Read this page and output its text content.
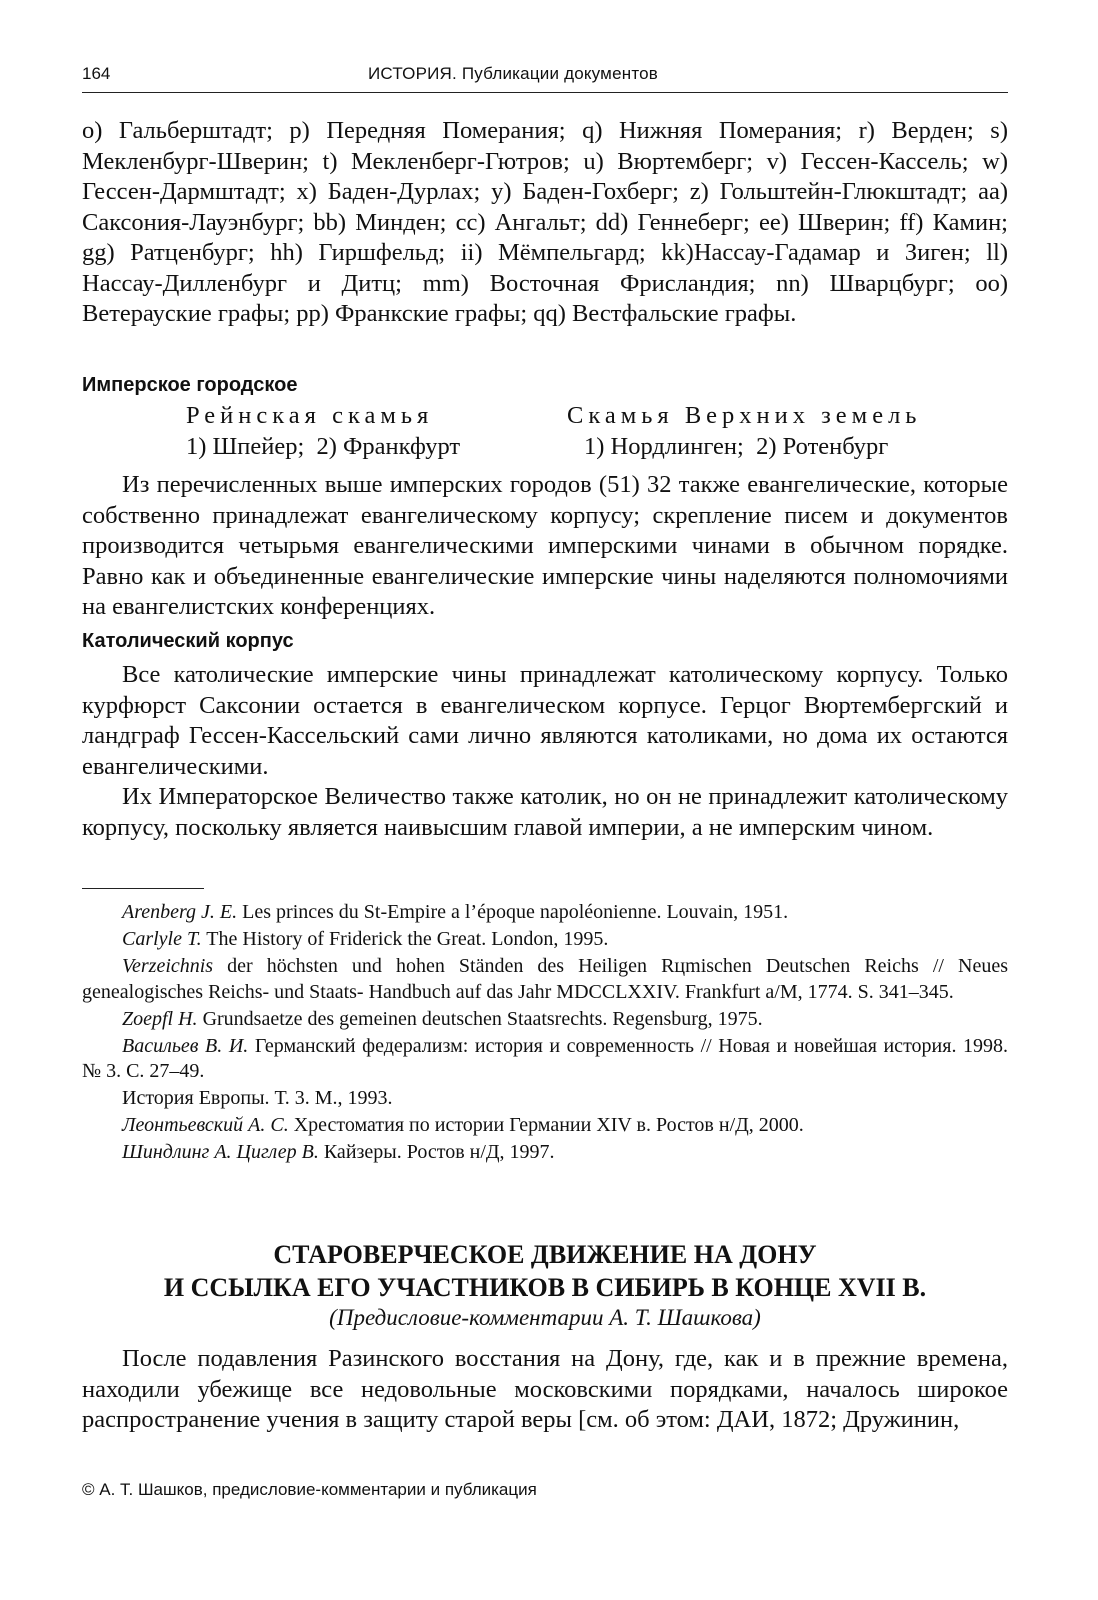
164	ИСТОРИЯ. Публикации документов

o) Гальберштадт; p) Передняя Померания; q) Нижняя Померания; r) Верден; s) Мекленбург-Шверин; t) Мекленберг-Гютров; u) Вюртемберг; v) Гессен-Кассель; w) Гессен-Дармштадт; x) Баден-Дурлах; y) Баден-Гохберг; z) Гольштейн-Глюкштадт; aa) Саксония-Лауэнбург; bb) Минден; cc) Ангальт; dd) Геннеберг; ee) Шверин; ff) Камин; gg) Ратценбург; hh) Гиршфельд; ii) Мёмпельгард; kk)Нассау-Гадамар и Зиген; ll) Нассау-Дилленбург и Дитц; mm) Восточная Фрисландия; nn) Шварцбург; oo) Ветерауские графы; pp) Франкские графы; qq) Вестфальские графы.

Имперское городское
Рейнская скамья	Скамья Верхних земель
1) Шпейер;  2) Франкфурт	1) Нордлинген;  2) Ротенбург

Из перечисленных выше имперских городов (51) 32 также евангелические, которые собственно принадлежат евангелическому корпусу; скрепление писем и документов производится четырьмя евангелическими имперскими чинами в обычном порядке. Равно как и объединенные евангелические имперские чины наделяются полномочиями на евангелистских конференциях.

Католический корпус

Все католические имперские чины принадлежат католическому корпусу. Только курфюрст Саксонии остается в евангелическом корпусе. Герцог Вюртембергский и ландграф Гессен-Кассельский сами лично являются католиками, но дома их остаются евангелическими.

Их Императорское Величество также католик, но он не принадлежит католическому корпусу, поскольку является наивысшим главой империи, а не имперским чином.

Arenberg J. E. Les princes du St-Empire a l’époque napoléonienne. Louvain, 1951.

Carlyle T. The History of Friderick the Great. London, 1995.

Verzeichnis der höchsten und hohen Ständen des Heiligen Rцmischen Deutschen Reichs // Neues genealogisches Reichs- und Staats- Handbuch auf das Jahr MDCCLXXIV. Frankfurt a/M, 1774. S. 341–345.

Zoepfl H. Grundsaetze des gemeinen deutschen Staatsrechts. Regensburg, 1975.

Васильев В. И. Германский федерализм: история и современность // Новая и новейшая история. 1998. № 3. С. 27–49.

История Европы. Т. 3. М., 1993.

Леонтьевский А. С. Хрестоматия по истории Германии XIV в. Ростов н/Д, 2000.

Шиндлинг А. Циглер В. Кайзеры. Ростов н/Д, 1997.

СТАРОВЕРЧЕСКОЕ ДВИЖЕНИЕ НА ДОНУ
И ССЫЛКА ЕГО УЧАСТНИКОВ В СИБИРЬ В КОНЦЕ XVII В.
(Предисловие-комментарии А. Т. Шашкова)

После подавления Разинского восстания на Дону, где, как и в прежние времена, находили убежище все недовольные московскими порядками, началось широкое распространение учения в защиту старой веры [см. об этом: ДАИ, 1872; Дружинин,

© А. Т. Шашков, предисловие-комментарии и публикация
